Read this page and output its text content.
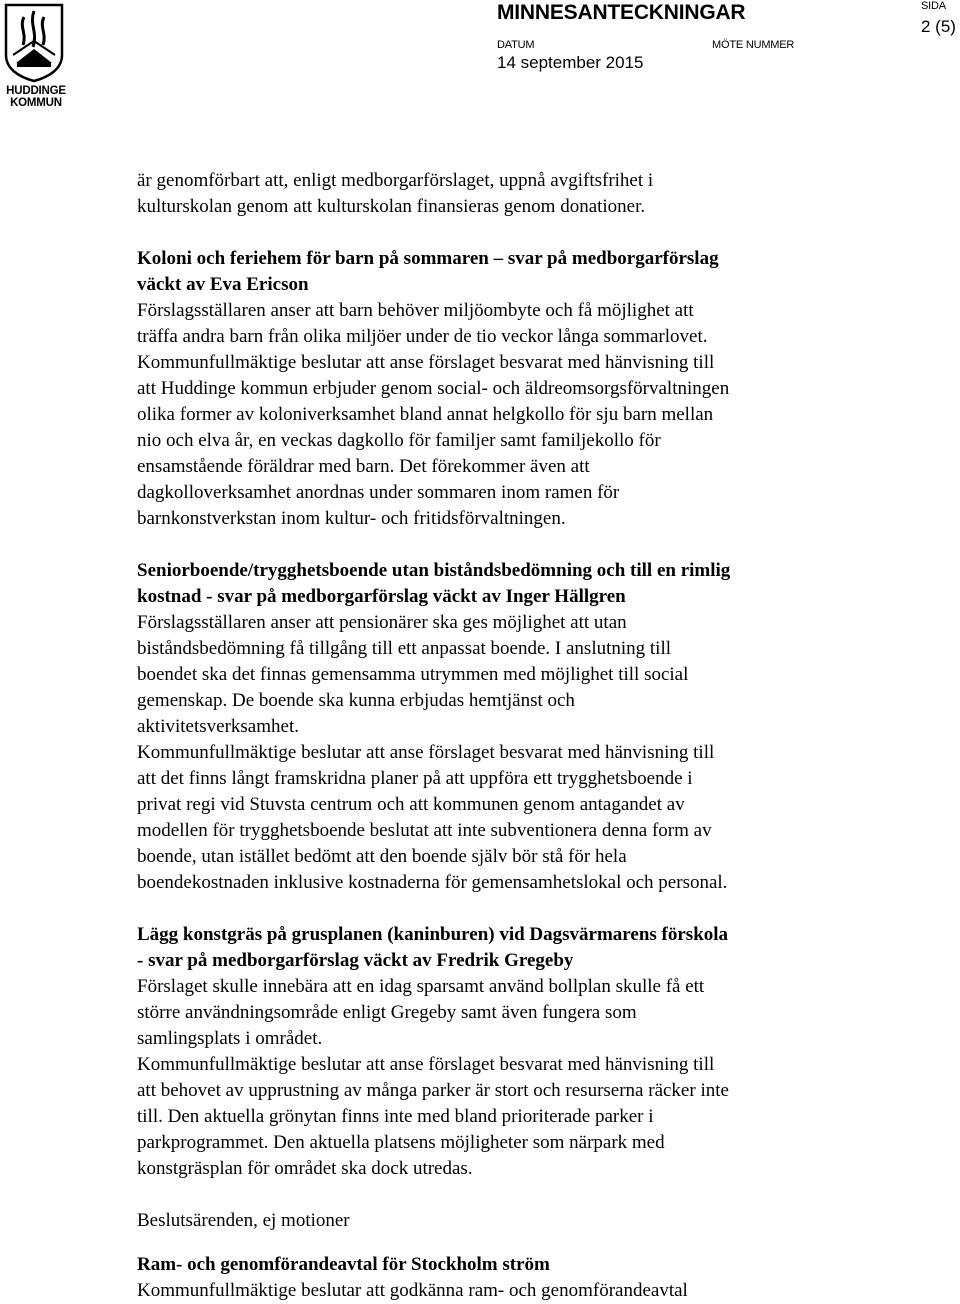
HUDDINGE
KOMMUN
MINNESANTECKNINGAR
DATUM	MÖTE NUMMER
SIDA
14 september 2015
2 (5)

är genomförbart att, enligt medborgarförslaget, uppnå avgiftsfrihet i
kulturskolan genom att kulturskolan finansieras genom donationer.

Koloni och feriehem för barn på sommaren – svar på medborgarförslag
väckt av Eva Ericson

Förslagsställaren anser att barn behöver miljöombyte och få möjlighet att
träffa andra barn från olika miljöer under de tio veckor långa sommarlovet.
Kommunfullmäktige beslutar att anse förslaget besvarat med hänvisning till
att Huddinge kommun erbjuder genom social- och äldreomsorgsförvaltningen
olika former av koloniverksamhet bland annat helgkollo för sju barn mellan
nio och elva år, en veckas dagkollo för familjer samt familjekollo för
ensamstående föräldrar med barn. Det förekommer även att
dagkolloverksamhet anordnas under sommaren inom ramen för
barnkonstverkstan inom kultur- och fritidsförvaltningen.

Seniorboende/trygghetsboende utan biståndsbedömning och till en rimlig
kostnad - svar på medborgarförslag väckt av Inger Hällgren

Förslagsställaren anser att pensionärer ska ges möjlighet att utan
biståndsbedömning få tillgång till ett anpassat boende. I anslutning till
boendet ska det finnas gemensamma utrymmen med möjlighet till social
gemenskap. De boende ska kunna erbjudas hemtjänst och
aktivitetsverksamhet.
Kommunfullmäktige beslutar att anse förslaget besvarat med hänvisning till
att det finns långt framskridna planer på att uppföra ett trygghetsboende i
privat regi vid Stuvsta centrum och att kommunen genom antagandet av
modellen för trygghetsboende beslutat att inte subventionera denna form av
boende, utan istället bedömt att den boende själv bör stå för hela
boendekostnaden inklusive kostnaderna för gemensamhetslokal och personal.

Lägg konstgräs på grusplanen (kaninburen) vid Dagsvärmarens förskola
- svar på medborgarförslag väckt av Fredrik Gregeby

Förslaget skulle innebära att en idag sparsamt använd bollplan skulle få ett
större användningsområde enligt Gregeby samt även fungera som
samlingsplats i området.
Kommunfullmäktige beslutar att anse förslaget besvarat med hänvisning till
att behovet av upprustning av många parker är stort och resurserna räcker inte
till. Den aktuella grönytan finns inte med bland prioriterade parker i
parkprogrammet. Den aktuella platsens möjligheter som närpark med
konstgräsplan för området ska dock utredas.

Beslutsärenden, ej motioner

Ram- och genomförandeavtal för Stockholm ström

Kommunfullmäktige beslutar att godkänna ram- och genomförandeavtal
